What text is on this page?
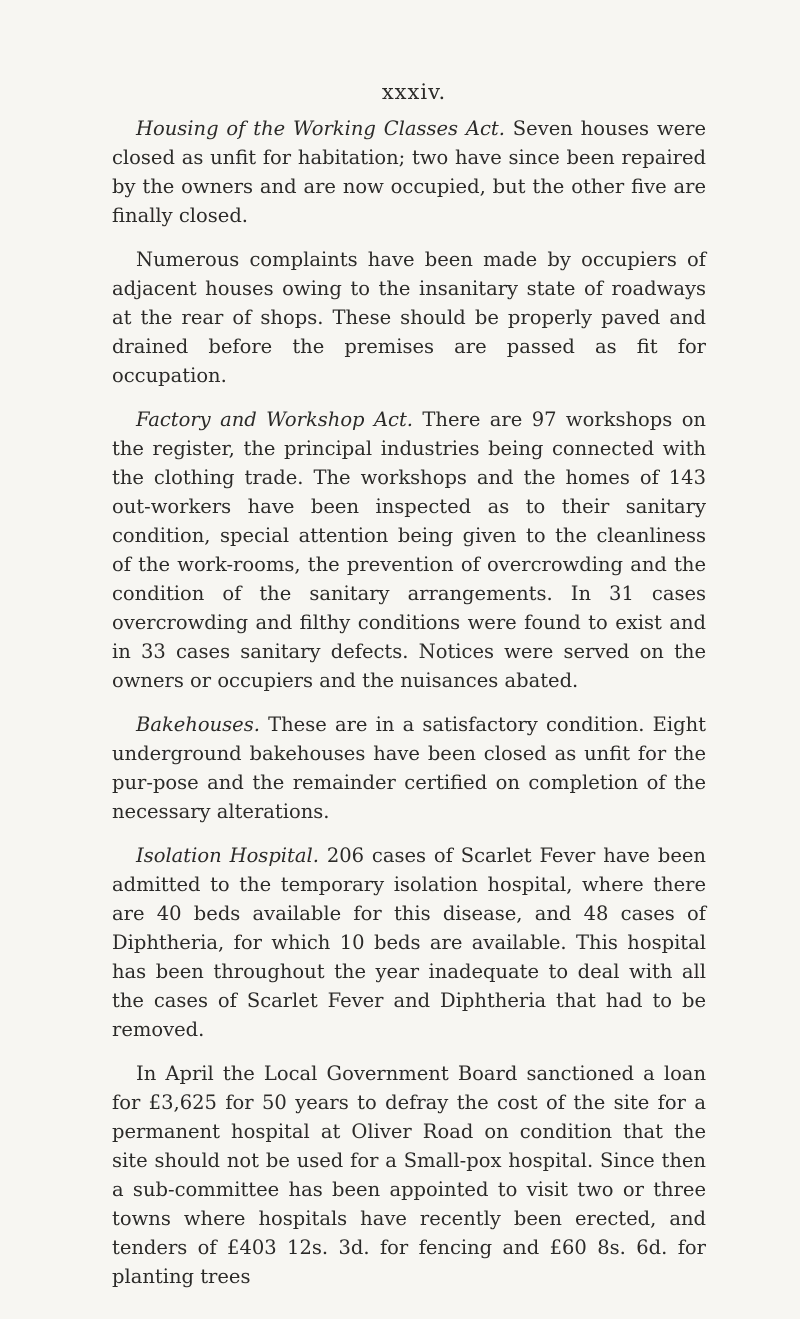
xxxiv.

Housing of the Working Classes Act. Seven houses were closed as unfit for habitation; two have since been repaired by the owners and are now occupied, but the other five are finally closed.

Numerous complaints have been made by occupiers of adjacent houses owing to the insanitary state of roadways at the rear of shops. These should be properly paved and drained before the premises are passed as fit for occupation.

Factory and Workshop Act. There are 97 workshops on the register, the principal industries being connected with the clothing trade. The workshops and the homes of 143 out-workers have been inspected as to their sanitary condition, special attention being given to the cleanliness of the work-rooms, the prevention of overcrowding and the condition of the sanitary arrangements. In 31 cases overcrowding and filthy conditions were found to exist and in 33 cases sanitary defects. Notices were served on the owners or occupiers and the nuisances abated.

Bakehouses. These are in a satisfactory condition. Eight underground bakehouses have been closed as unfit for the pur-pose and the remainder certified on completion of the necessary alterations.

Isolation Hospital. 206 cases of Scarlet Fever have been admitted to the temporary isolation hospital, where there are 40 beds available for this disease, and 48 cases of Diphtheria, for which 10 beds are available. This hospital has been throughout the year inadequate to deal with all the cases of Scarlet Fever and Diphtheria that had to be removed.

In April the Local Government Board sanctioned a loan for £3,625 for 50 years to defray the cost of the site for a permanent hospital at Oliver Road on condition that the site should not be used for a Small-pox hospital. Since then a sub-committee has been appointed to visit two or three towns where hospitals have recently been erected, and tenders of £403 12s. 3d. for fencing and £60 8s. 6d. for planting trees
